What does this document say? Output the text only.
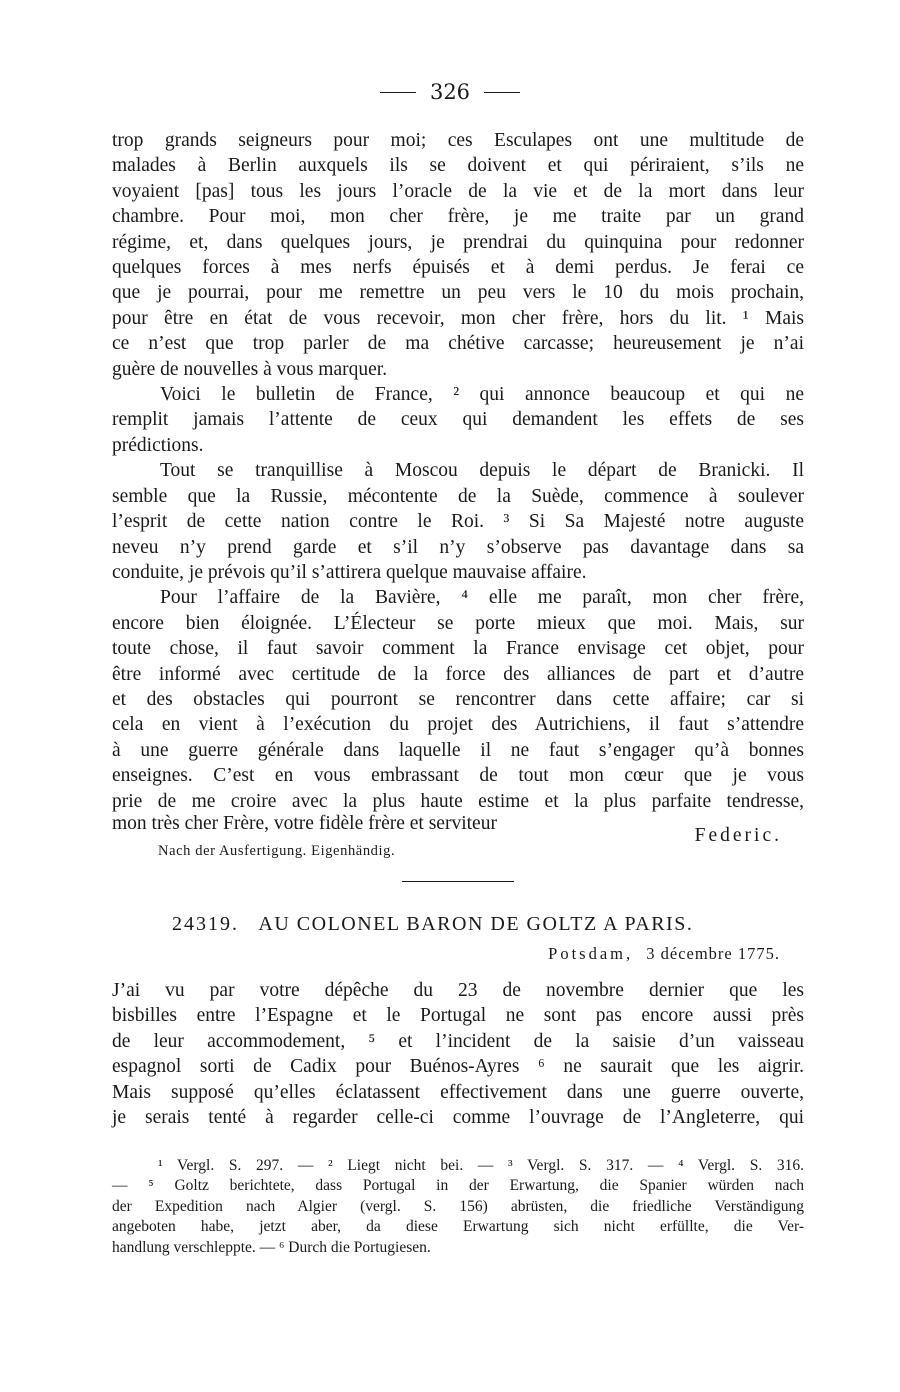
326
trop grands seigneurs pour moi; ces Esculapes ont une multitude de
malades à Berlin auxquels ils se doivent et qui périraient, s’ils ne
voyaient [pas] tous les jours l’oracle de la vie et de la mort dans leur
chambre. Pour moi, mon cher frère, je me traite par un grand
régime, et, dans quelques jours, je prendrai du quinquina pour redonner
quelques forces à mes nerfs épuisés et à demi perdus. Je ferai ce
que je pourrai, pour me remettre un peu vers le 10 du mois prochain,
pour être en état de vous recevoir, mon cher frère, hors du lit. ¹ Mais
ce n’est que trop parler de ma chétive carcasse; heureusement je n’ai
guère de nouvelles à vous marquer.
Voici le bulletin de France, ² qui annonce beaucoup et qui ne
remplit jamais l’attente de ceux qui demandent les effets de ses
prédictions.
Tout se tranquillise à Moscou depuis le départ de Branicki. Il
semble que la Russie, mécontente de la Suède, commence à soulever
l’esprit de cette nation contre le Roi. ³ Si Sa Majesté notre auguste
neveu n’y prend garde et s’il n’y s’observe pas davantage dans sa
conduite, je prévois qu’il s’attirera quelque mauvaise affaire.
Pour l’affaire de la Bavière, ⁴ elle me paraît, mon cher frère,
encore bien éloignée. L’Électeur se porte mieux que moi. Mais, sur
toute chose, il faut savoir comment la France envisage cet objet, pour
être informé avec certitude de la force des alliances de part et d’autre
et des obstacles qui pourront se rencontrer dans cette affaire; car si
cela en vient à l’exécution du projet des Autrichiens, il faut s’attendre
à une guerre générale dans laquelle il ne faut s’engager qu’à bonnes
enseignes. C’est en vous embrassant de tout mon cœur que je vous
prie de me croire avec la plus haute estime et la plus parfaite tendresse,
mon très cher Frère, votre fidèle frère et serviteur
Federic.
Nach der Ausfertigung. Eigenhändig.
24319. AU COLONEL BARON DE GOLTZ A PARIS.
Potsdam, 3 décembre 1775.
J’ai vu par votre dépêche du 23 de novembre dernier que les
bisbilles entre l’Espagne et le Portugal ne sont pas encore aussi près
de leur accommodement, ⁵ et l’incident de la saisie d’un vaisseau
espagnol sorti de Cadix pour Buénos-Ayres ⁶ ne saurait que les aigrir.
Mais supposé qu’elles éclatassent effectivement dans une guerre ouverte,
je serais tenté à regarder celle-ci comme l’ouvrage de l’Angleterre, qui
¹ Vergl. S. 297. — ² Liegt nicht bei. — ³ Vergl. S. 317. — ⁴ Vergl. S. 316.
— ⁵ Goltz berichtete, dass Portugal in der Erwartung, die Spanier würden nach
der Expedition nach Algier (vergl. S. 156) abrüsten, die friedliche Verständigung
angeboten habe, jetzt aber, da diese Erwartung sich nicht erfüllte, die Ver-
handlung verschleppte. — ⁶ Durch die Portugiesen.
